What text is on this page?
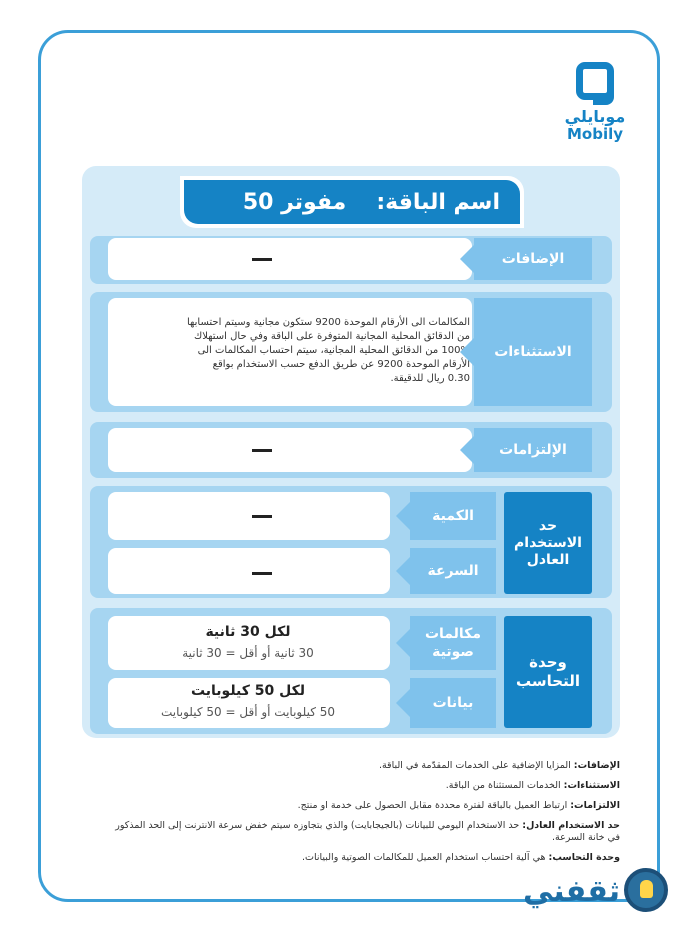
موبايلي
Mobily
اسم الباقة:
مفوتر 50
الإضافات
المكالمات الى الأرقام الموحدة 9200 ستكون مجانية وسيتم احتسابها
من الدقائق المحلية المجانية المتوفرة على الباقة وفي حال استهلاك
100% من الدقائق المحلية المجانية، سيتم احتساب المكالمات الى
الأرقام الموحدة 9200 عن طريق الدفع حسب الاستخدام بواقع
0.30 ريال للدقيقة.
الاستثناءات
الإلتزامات
الكمية
السرعة
حد الاستخدام العادل
لكل 30 ثانية
30 ثانية أو أقل = 30 ثانية
مكالمات صوتية
لكل 50 كيلوبايت
50 كيلوبايت أو أقل = 50 كيلوبايت
بيانات
وحدة التحاسب

الإضافات: المزايا الإضافية على الخدمات المقدّمة في الباقة.

الاستثناءات: الخدمات المستثناة من الباقة.

الالتزامات: ارتباط العميل بالباقة لفترة محددة مقابل الحصول على خدمة او منتج.

حد الاستخدام العادل: حد الاستخدام اليومي للبيانات (بالجيجابايت) والذي بتجاوزه سيتم خفض سرعة الانترنت إلى الحد المذكور في خانة السرعة.

وحدة التحاسب: هي آلية احتساب استخدام العميل للمكالمات الصوتية والبيانات.

ثقفني
